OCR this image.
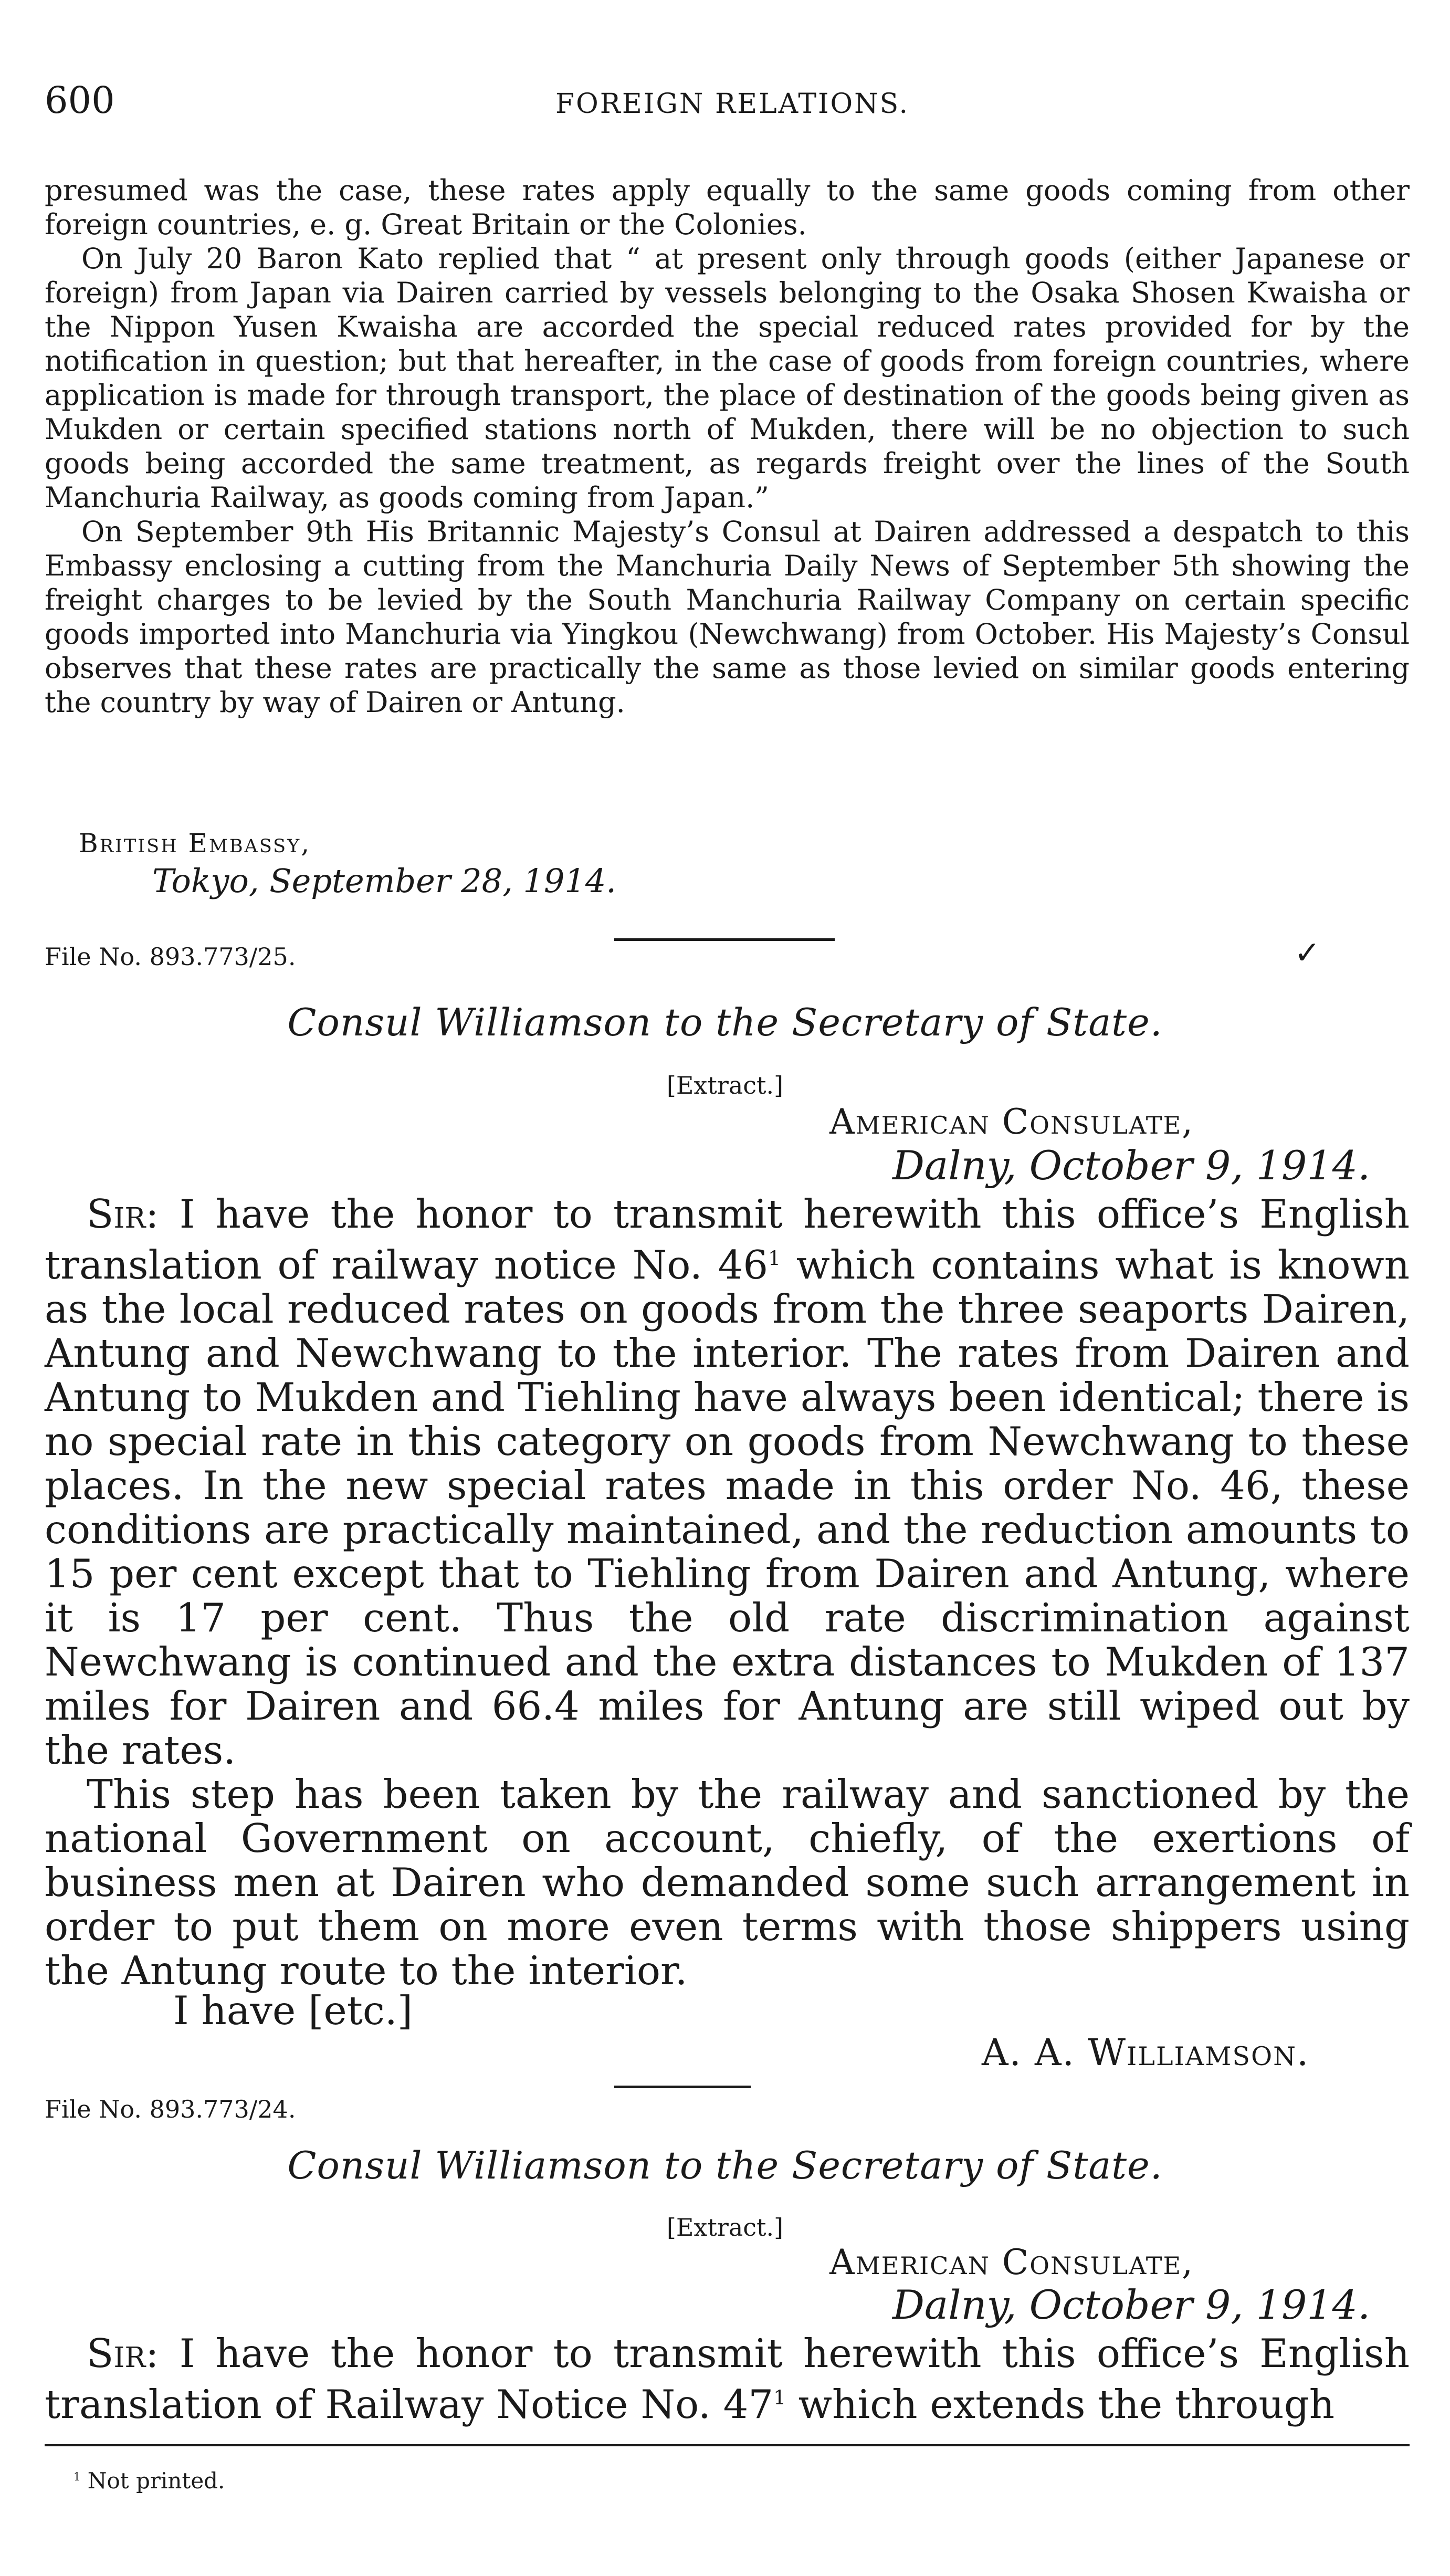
600	FOREIGN RELATIONS.

presumed was the case, these rates apply equally to the same goods coming from other foreign countries, e. g. Great Britain or the Colonies.

On July 20 Baron Kato replied that “ at present only through goods (either Japanese or foreign) from Japan via Dairen carried by vessels belonging to the Osaka Shosen Kwaisha or the Nippon Yusen Kwaisha are accorded the special reduced rates provided for by the notification in question; but that hereafter, in the case of goods from foreign countries, where application is made for through transport, the place of destination of the goods being given as Mukden or certain specified stations north of Mukden, there will be no objection to such goods being accorded the same treatment, as regards freight over the lines of the South Manchuria Railway, as goods coming from Japan.”

On September 9th His Britannic Majesty’s Consul at Dairen addressed a despatch to this Embassy enclosing a cutting from the Manchuria Daily News of September 5th showing the freight charges to be levied by the South Manchuria Railway Company on certain specific goods imported into Manchuria via Yingkou (Newchwang) from October. His Majesty’s Consul observes that these rates are practically the same as those levied on similar goods entering the country by way of Dairen or Antung.

British Embassy,
Tokyo, September 28, 1914.
File No. 893.773/25.	✓
Consul Williamson to the Secretary of State.
[Extract.]
American Consulate,
Dalny, October 9, 1914.

Sir: I have the honor to transmit herewith this office’s English translation of railway notice No. $46^1$ which contains what is known as the local reduced rates on goods from the three seaports Dairen, Antung and Newchwang to the interior. The rates from Dairen and Antung to Mukden and Tiehling have always been identical; there is no special rate in this category on goods from Newchwang to these places. In the new special rates made in this order No. 46, these conditions are practically maintained, and the reduction amounts to 15 per cent except that to Tiehling from Dairen and Antung, where it is 17 per cent. Thus the old rate discrimination against Newchwang is continued and the extra distances to Mukden of 137 miles for Dairen and 66.4 miles for Antung are still wiped out by the rates.

This step has been taken by the railway and sanctioned by the national Government on account, chiefly, of the exertions of business men at Dairen who demanded some such arrangement in order to put them on more even terms with those shippers using the Antung route to the interior.

I have [etc.]
A. A. Williamson.
File No. 893.773/24.
Consul Williamson to the Secretary of State.
[Extract.]
American Consulate,
Dalny, October 9, 1914.

Sir: I have the honor to transmit herewith this office’s English translation of Railway Notice No. $47^1$ which extends the through

$^1$ Not printed.
